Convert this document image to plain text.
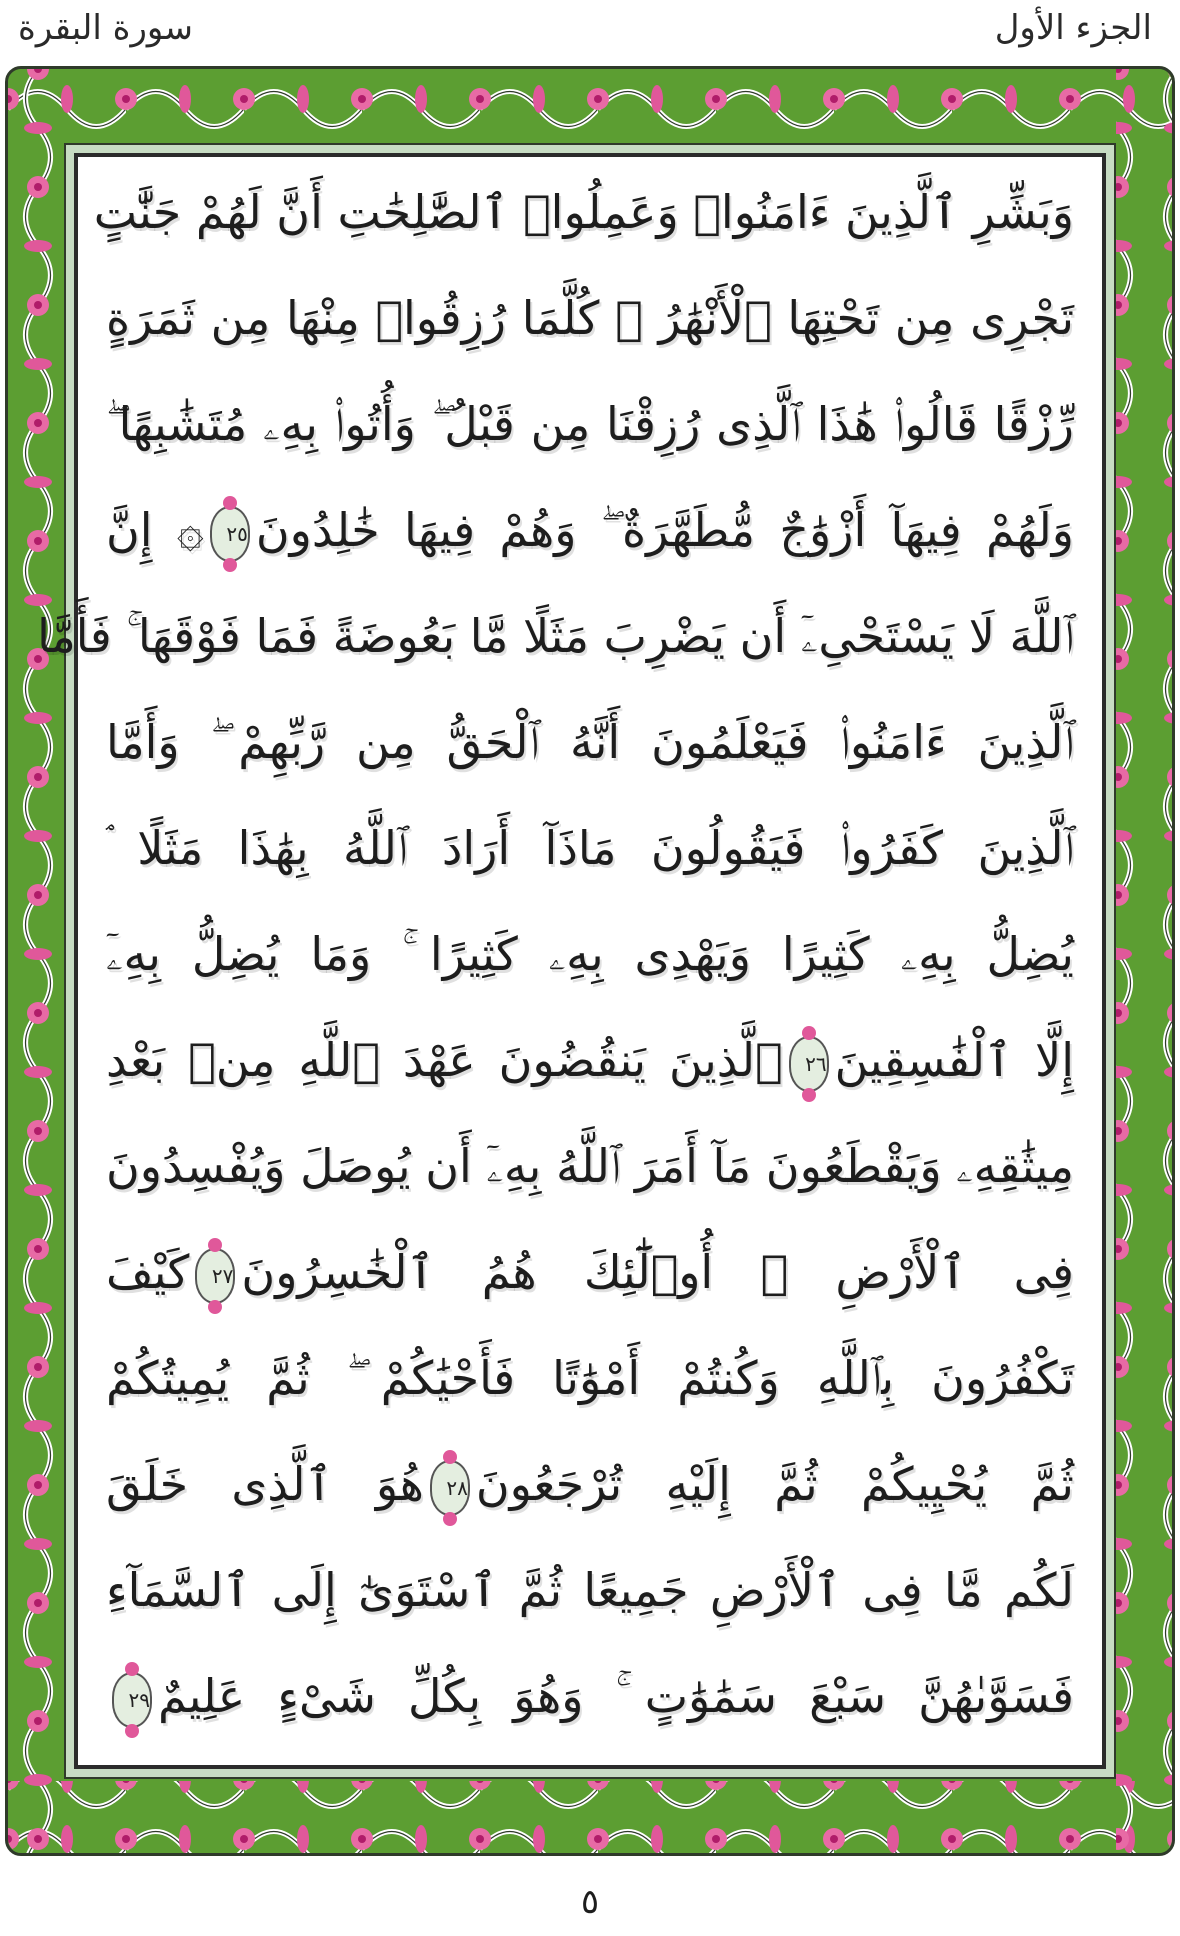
الجزء الأول
سورة البقرة
وَبَشِّرِ ٱلَّذِينَ ءَامَنُوا۟ وَعَمِلُوا۟ ٱلصَّٰلِحَٰتِ أَنَّ لَهُمْ جَنَّٰتٍ
تَجْرِى مِن تَحْتِهَا ٱلْأَنْهَٰرُ ۖ كُلَّمَا رُزِقُوا۟ مِنْهَا مِن ثَمَرَةٍ
رِّزْقًا قَالُوا۟ هَٰذَا ٱلَّذِى رُزِقْنَا مِن قَبْلُ ۖ وَأُتُوا۟ بِهِۦ مُتَشَٰبِهًا ۖ
وَلَهُمْ فِيهَآ أَزْوَٰجٌ مُّطَهَّرَةٌ ۖ وَهُمْ فِيهَا خَٰلِدُونَ٢٥۞ إِنَّ
ٱللَّهَ لَا يَسْتَحْىِۦٓ أَن يَضْرِبَ مَثَلًا مَّا بَعُوضَةً فَمَا فَوْقَهَا ۚ فَأَمَّا
ٱلَّذِينَ ءَامَنُوا۟ فَيَعْلَمُونَ أَنَّهُ ٱلْحَقُّ مِن رَّبِّهِمْ ۖ وَأَمَّا
ٱلَّذِينَ كَفَرُوا۟ فَيَقُولُونَ مَاذَآ أَرَادَ ٱللَّهُ بِهَٰذَا مَثَلًا ۘ
يُضِلُّ بِهِۦ كَثِيرًا وَيَهْدِى بِهِۦ كَثِيرًا ۚ وَمَا يُضِلُّ بِهِۦٓ
إِلَّا ٱلْفَٰسِقِينَ٢٦ٱلَّذِينَ يَنقُضُونَ عَهْدَ ٱللَّهِ مِنۢ بَعْدِ
مِيثَٰقِهِۦ وَيَقْطَعُونَ مَآ أَمَرَ ٱللَّهُ بِهِۦٓ أَن يُوصَلَ وَيُفْسِدُونَ
فِى ٱلْأَرْضِ ۚ أُو۟لَٰٓئِكَ هُمُ ٱلْخَٰسِرُونَ٢٧كَيْفَ
تَكْفُرُونَ بِٱللَّهِ وَكُنتُمْ أَمْوَٰتًا فَأَحْيَٰكُمْ ۖ ثُمَّ يُمِيتُكُمْ
ثُمَّ يُحْيِيكُمْ ثُمَّ إِلَيْهِ تُرْجَعُونَ٢٨هُوَ ٱلَّذِى خَلَقَ
لَكُم مَّا فِى ٱلْأَرْضِ جَمِيعًا ثُمَّ ٱسْتَوَىٰٓ إِلَى ٱلسَّمَآءِ
فَسَوَّىٰهُنَّ سَبْعَ سَمَٰوَٰتٍ ۚ وَهُوَ بِكُلِّ شَىْءٍ عَلِيمٌ٢٩
٥
